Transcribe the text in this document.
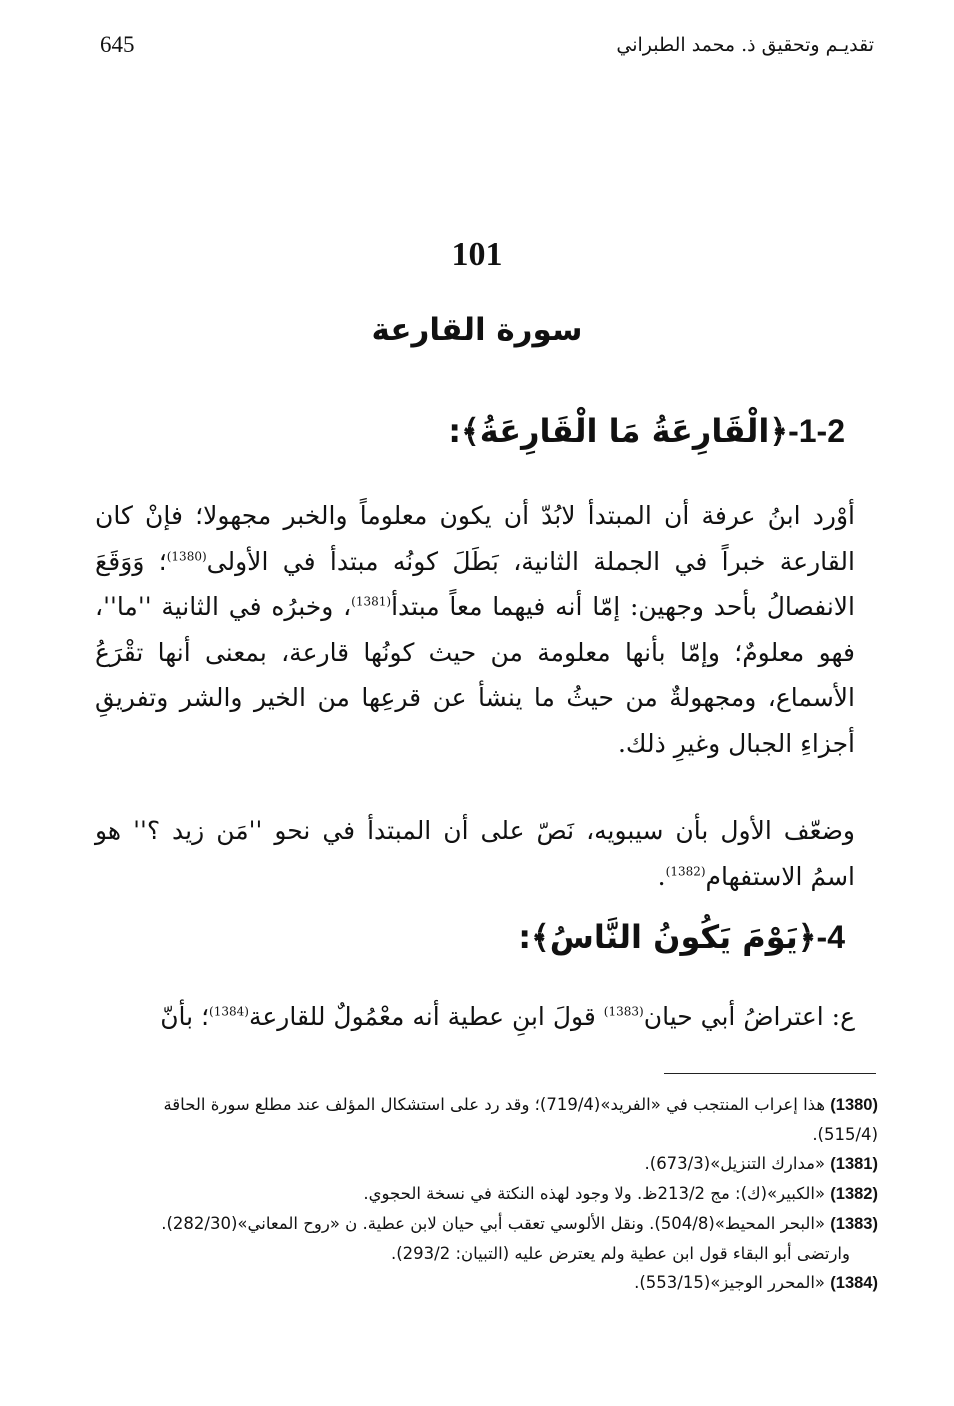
تقديـم وتحقيق ذ. محمد الطبراني
645
101
سورة القارعة
1-2-﴿الْقَارِعَةُ مَا الْقَارِعَةُ﴾:

أوْرد ابنُ عرفة أن المبتدأ لابُدّ أن يكون معلوماً والخبر مجهولا؛ فإنْ كان القارعة خبراً في الجملة الثانية، بَطَلَ كونُه مبتدأ في الأولى$^{(1380)}$؛ وَوَقَعَ الانفصالُ بأحد وجهين: إمّا أنه فيهما معاً مبتدأ$^{(1381)}$، وخبرُه في الثانية ''ما''، فهو معلومٌ؛ وإمّا بأنها معلومة من حيث كونُها قارعة، بمعنى أنها تقْرَعُ الأسماع، ومجهولةٌ من حيثُ ما ينشأ عن قرعِها من الخير والشر وتفريقِ أجزاءِ الجبال وغيرِ ذلك.

وضعّف الأول بأن سيبويه، نَصّ على أن المبتدأ في نحو ''مَن زيد ؟'' هو اسمُ الاستفهام$^{(1382)}$.

4-﴿يَوْمَ يَكُونُ النَّاسُ﴾:

ع: اعتراضُ أبي حيان$^{(1383)}$ قولَ ابنِ عطية أنه معْمُولٌ للقارعة$^{(1384)}$؛ بأنّ

(1380) هذا إعراب المنتجب في «الفريد»(719/4)؛ وقد رد على استشكال المؤلف عند مطلع سورة الحاقة (515/4).

(1381) «مدارك التنزيل»(673/3).

(1382) «الكبير»(ك): مج 213/2ظ. ولا وجود لهذه النكتة في نسخة الحجوي.

(1383) «البحر المحيط»(504/8). ونقل الألوسي تعقب أبي حيان لابن عطية. ن «روح المعاني»(282/30).

وارتضى أبو البقاء قول ابن عطية ولم يعترض عليه (التبيان: 293/2).

(1384) «المحرر الوجيز»(553/15).
